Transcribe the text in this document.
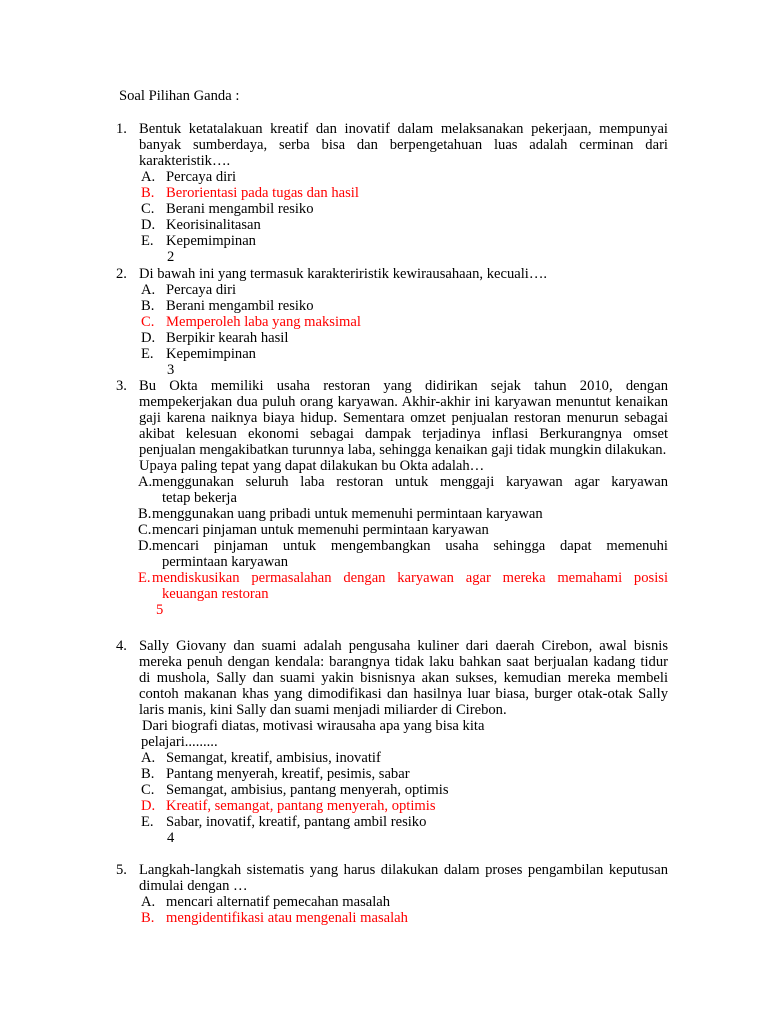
Soal Pilihan Ganda :
1. Bentuk ketatalakuan kreatif dan inovatif dalam melaksanakan pekerjaan, mempunyai banyak sumberdaya, serba bisa dan berpengetahuan luas adalah cerminan dari karakteristik….
A. Percaya diri
B. Berorientasi pada tugas dan hasil
C. Berani mengambil resiko
D. Keorisinalitasan
E. Kepemimpinan
2
2. Di bawah ini yang termasuk karakteriristik kewirausahaan, kecuali….
A. Percaya diri
B. Berani mengambil resiko
C. Memperoleh laba yang maksimal
D. Berpikir kearah hasil
E. Kepemimpinan
3
3. Bu Okta memiliki usaha restoran yang didirikan sejak tahun 2010, dengan mempekerjakan dua puluh orang karyawan. Akhir-akhir ini karyawan menuntut kenaikan gaji karena naiknya biaya hidup. Sementara omzet penjualan restoran menurun sebagai akibat kelesuan ekonomi sebagai dampak terjadinya inflasi Berkurangnya omset penjualan mengakibatkan turunnya laba, sehingga kenaikan gaji tidak mungkin dilakukan.
Upaya paling tepat yang dapat dilakukan bu Okta adalah…
A. menggunakan seluruh laba restoran untuk menggaji karyawan agar karyawan
tetap bekerja
B. menggunakan uang pribadi untuk memenuhi permintaan karyawan
C. mencari pinjaman untuk memenuhi permintaan karyawan
D. mencari pinjaman untuk mengembangkan usaha sehingga dapat memenuhi
permintaan karyawan
E. mendiskusikan permasalahan dengan karyawan agar mereka memahami posisi
keuangan restoran
5
4. Sally Giovany dan suami adalah pengusaha kuliner dari daerah Cirebon, awal bisnis mereka penuh dengan kendala: barangnya tidak laku bahkan saat berjualan kadang tidur di mushola, Sally dan suami yakin bisnisnya akan sukses, kemudian mereka membeli contoh makanan khas yang dimodifikasi dan hasilnya luar biasa, burger otak-otak Sally laris manis, kini Sally dan suami menjadi miliarder di Cirebon.
Dari biografi diatas, motivasi wirausaha apa yang bisa kita
pelajari.........
A. Semangat, kreatif, ambisius, inovatif
B. Pantang menyerah, kreatif, pesimis, sabar
C. Semangat, ambisius, pantang menyerah, optimis
D. Kreatif, semangat, pantang menyerah, optimis
E. Sabar, inovatif, kreatif, pantang ambil resiko
4
5. Langkah-langkah sistematis yang harus dilakukan dalam proses pengambilan keputusan dimulai dengan …
A. mencari alternatif pemecahan masalah
B. mengidentifikasi atau mengenali masalah
